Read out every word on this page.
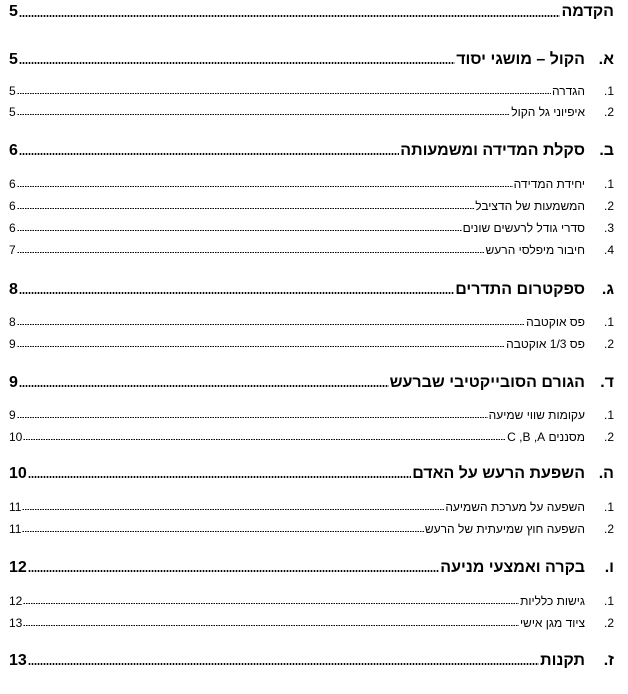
הקדמה
5
א.
הקול – מושגי יסוד
5
1.
הגדרה
5
2.
איפיוני גל הקול
5
ב.
סקלת המדידה ומשמעותה
6
1.
יחידת המדידה
6
2.
המשמעות של הדציבל
6
3.
סדרי גודל לרעשים שונים
6
4.
חיבור מיפלסי הרעש
7
ג.
ספקטרום התדרים
8
1.
פס אוקטבה
8
2.
פס 1/3 אוקטבה
9
ד.
הגורם הסובייקטיבי שברעש
9
1.
עקומות שווי שמיעה
9
2.
מסננים C ,B ,A
10
ה.
השפעת הרעש על האדם
10
1.
השפעה על מערכת השמיעה
11
2.
השפעה חוץ שמיעתית של הרעש
11
ו.
בקרה ואמצעי מניעה
12
1.
גישות כלליות
12
2.
ציוד מגן אישי
13
ז.
תקנות
13
